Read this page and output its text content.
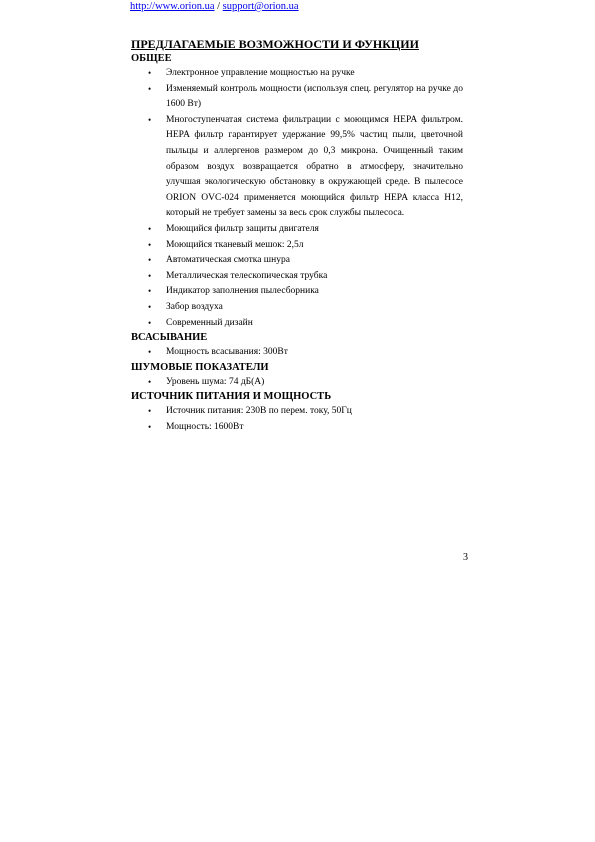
http://www.orion.ua / support@orion.ua
ПРЕДЛАГАЕМЫЕ ВОЗМОЖНОСТИ И ФУНКЦИИ
ОБЩЕЕ
• Электронное управление мощностью на ручке
• Изменяемый контроль мощности (используя спец. регулятор на ручке до 1600 Вт)
• Многоступенчатая система фильтрации с моющимся HEPA фильтром. HEPA фильтр гарантирует удержание 99,5% частиц пыли, цветочной пыльцы и аллергенов размером до 0,3 микрона. Очищенный таким образом воздух возвращается обратно в атмосферу, значительно улучшая экологическую обстановку в окружающей среде. В пылесосе ORION OVC-024 применяется моющийся фильтр HEPA класса H12, который не требует замены за весь срок службы пылесоса.
• Моющийся фильтр защиты двигателя
• Моющийся тканевый мешок: 2,5л
• Автоматическая смотка шнура
• Металлическая телескопическая трубка
• Индикатор заполнения пылесборника
• Забор воздуха
• Современный дизайн
ВСАСЫВАНИЕ
• Мощность всасывания: 300Вт
ШУМОВЫЕ ПОКАЗАТЕЛИ
• Уровень шума: 74 дБ(А)
ИСТОЧНИК ПИТАНИЯ И МОЩНОСТЬ
• Источник питания: 230В по перем. току, 50Гц
• Мощность: 1600Вт
3
